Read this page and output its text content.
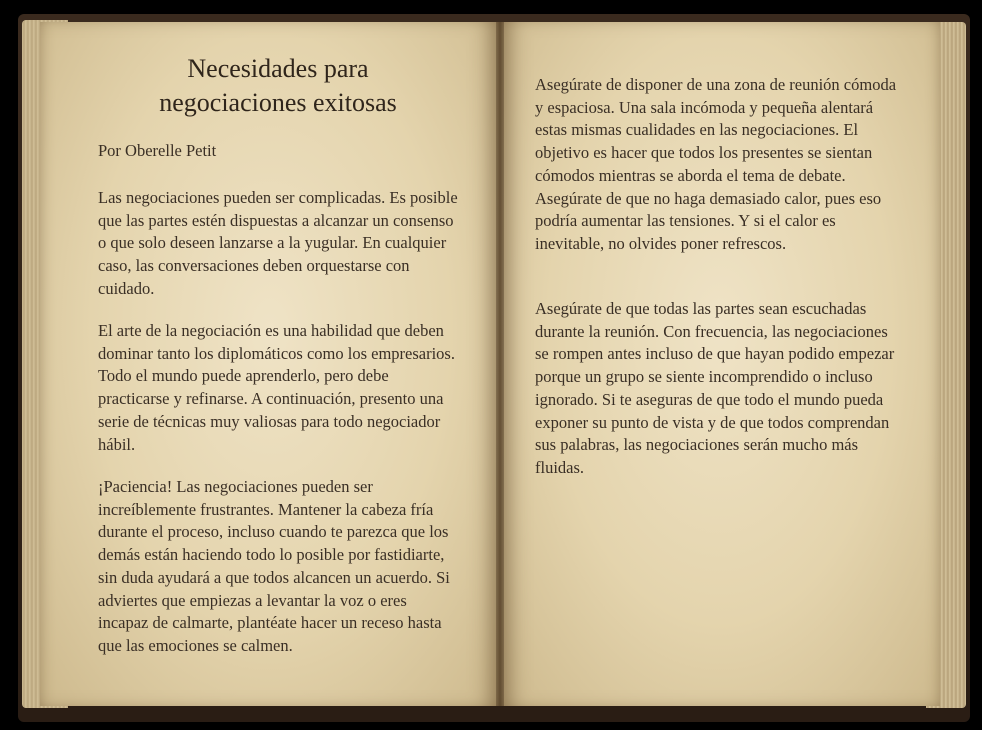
Necesidades para
negociaciones exitosas
Por Oberelle Petit
Las negociaciones pueden ser complicadas. Es posible que las partes estén dispuestas a alcanzar un consenso o que solo deseen lanzarse a la yugular. En cualquier caso, las conversaciones deben orquestarse con cuidado.
El arte de la negociación es una habilidad que deben dominar tanto los diplomáticos como los empresarios. Todo el mundo puede aprenderlo, pero debe practicarse y refinarse. A continuación, presento una serie de técnicas muy valiosas para todo negociador hábil.
¡Paciencia! Las negociaciones pueden ser increíblemente frustrantes. Mantener la cabeza fría durante el proceso, incluso cuando te parezca que los demás están haciendo todo lo posible por fastidiarte, sin duda ayudará a que todos alcancen un acuerdo. Si adviertes que empiezas a levantar la voz o eres incapaz de calmarte, plantéate hacer un receso hasta que las emociones se calmen.
Asegúrate de disponer de una zona de reunión cómoda y espaciosa. Una sala incómoda y pequeña alentará estas mismas cualidades en las negociaciones. El objetivo es hacer que todos los presentes se sientan cómodos mientras se aborda el tema de debate. Asegúrate de que no haga demasiado calor, pues eso podría aumentar las tensiones. Y si el calor es inevitable, no olvides poner refrescos.
Asegúrate de que todas las partes sean escuchadas durante la reunión. Con frecuencia, las negociaciones se rompen antes incluso de que hayan podido empezar porque un grupo se siente incomprendido o incluso ignorado. Si te aseguras de que todo el mundo pueda exponer su punto de vista y de que todos comprendan sus palabras, las negociaciones serán mucho más fluidas.
